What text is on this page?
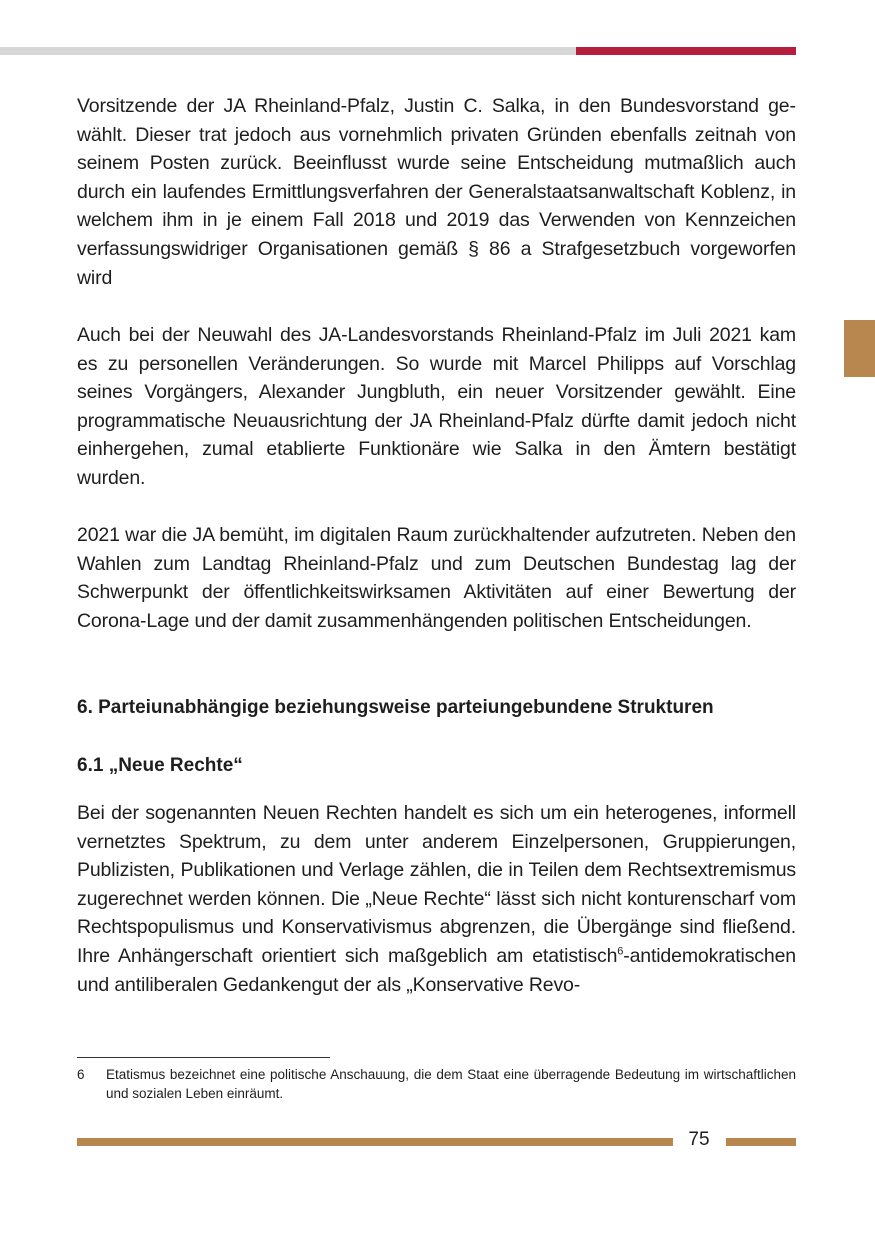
Vorsitzende der JA Rheinland-Pfalz, Justin C. Salka, in den Bundesvorstand gewählt. Dieser trat jedoch aus vornehmlich privaten Gründen ebenfalls zeitnah von seinem Posten zurück. Beeinflusst wurde seine Entscheidung mutmaßlich auch durch ein laufendes Ermittlungsverfahren der Generalstaatsanwaltschaft Koblenz, in welchem ihm in je einem Fall 2018 und 2019 das Verwenden von Kennzeichen verfassungswidriger Organisationen gemäß § 86 a Strafgesetzbuch vorgeworfen wird

Auch bei der Neuwahl des JA-Landesvorstands Rheinland-Pfalz im Juli 2021 kam es zu personellen Veränderungen. So wurde mit Marcel Philipps auf Vorschlag seines Vorgängers, Alexander Jungbluth, ein neuer Vorsitzender gewählt. Eine programmatische Neuausrichtung der JA Rheinland-Pfalz dürfte damit jedoch nicht einhergehen, zumal etablierte Funktionäre wie Salka in den Ämtern bestätigt wurden.

2021 war die JA bemüht, im digitalen Raum zurückhaltender aufzutreten. Neben den Wahlen zum Landtag Rheinland-Pfalz und zum Deutschen Bundestag lag der Schwerpunkt der öffentlichkeitswirksamen Aktivitäten auf einer Bewertung der Corona-Lage und der damit zusammenhängenden politischen Entscheidungen.

6. Parteiunabhängige beziehungsweise parteiungebundene Strukturen
6.1 „Neue Rechte“

Bei der sogenannten Neuen Rechten handelt es sich um ein heterogenes, informell vernetztes Spektrum, zu dem unter anderem Einzelpersonen, Gruppierungen, Publizisten, Publikationen und Verlage zählen, die in Teilen dem Rechtsextremismus zugerechnet werden können. Die „Neue Rechte“ lässt sich nicht konturenscharf vom Rechtspopulismus und Konservativismus abgrenzen, die Übergänge sind fließend. Ihre Anhängerschaft orientiert sich maßgeblich am etatistisch$^6$-antidemokratischen und antiliberalen Gedankengut der als „Konservative Revo-

6 Etatismus bezeichnet eine politische Anschauung, die dem Staat eine überragende Bedeutung im wirtschaftlichen und sozialen Leben einräumt.

75
